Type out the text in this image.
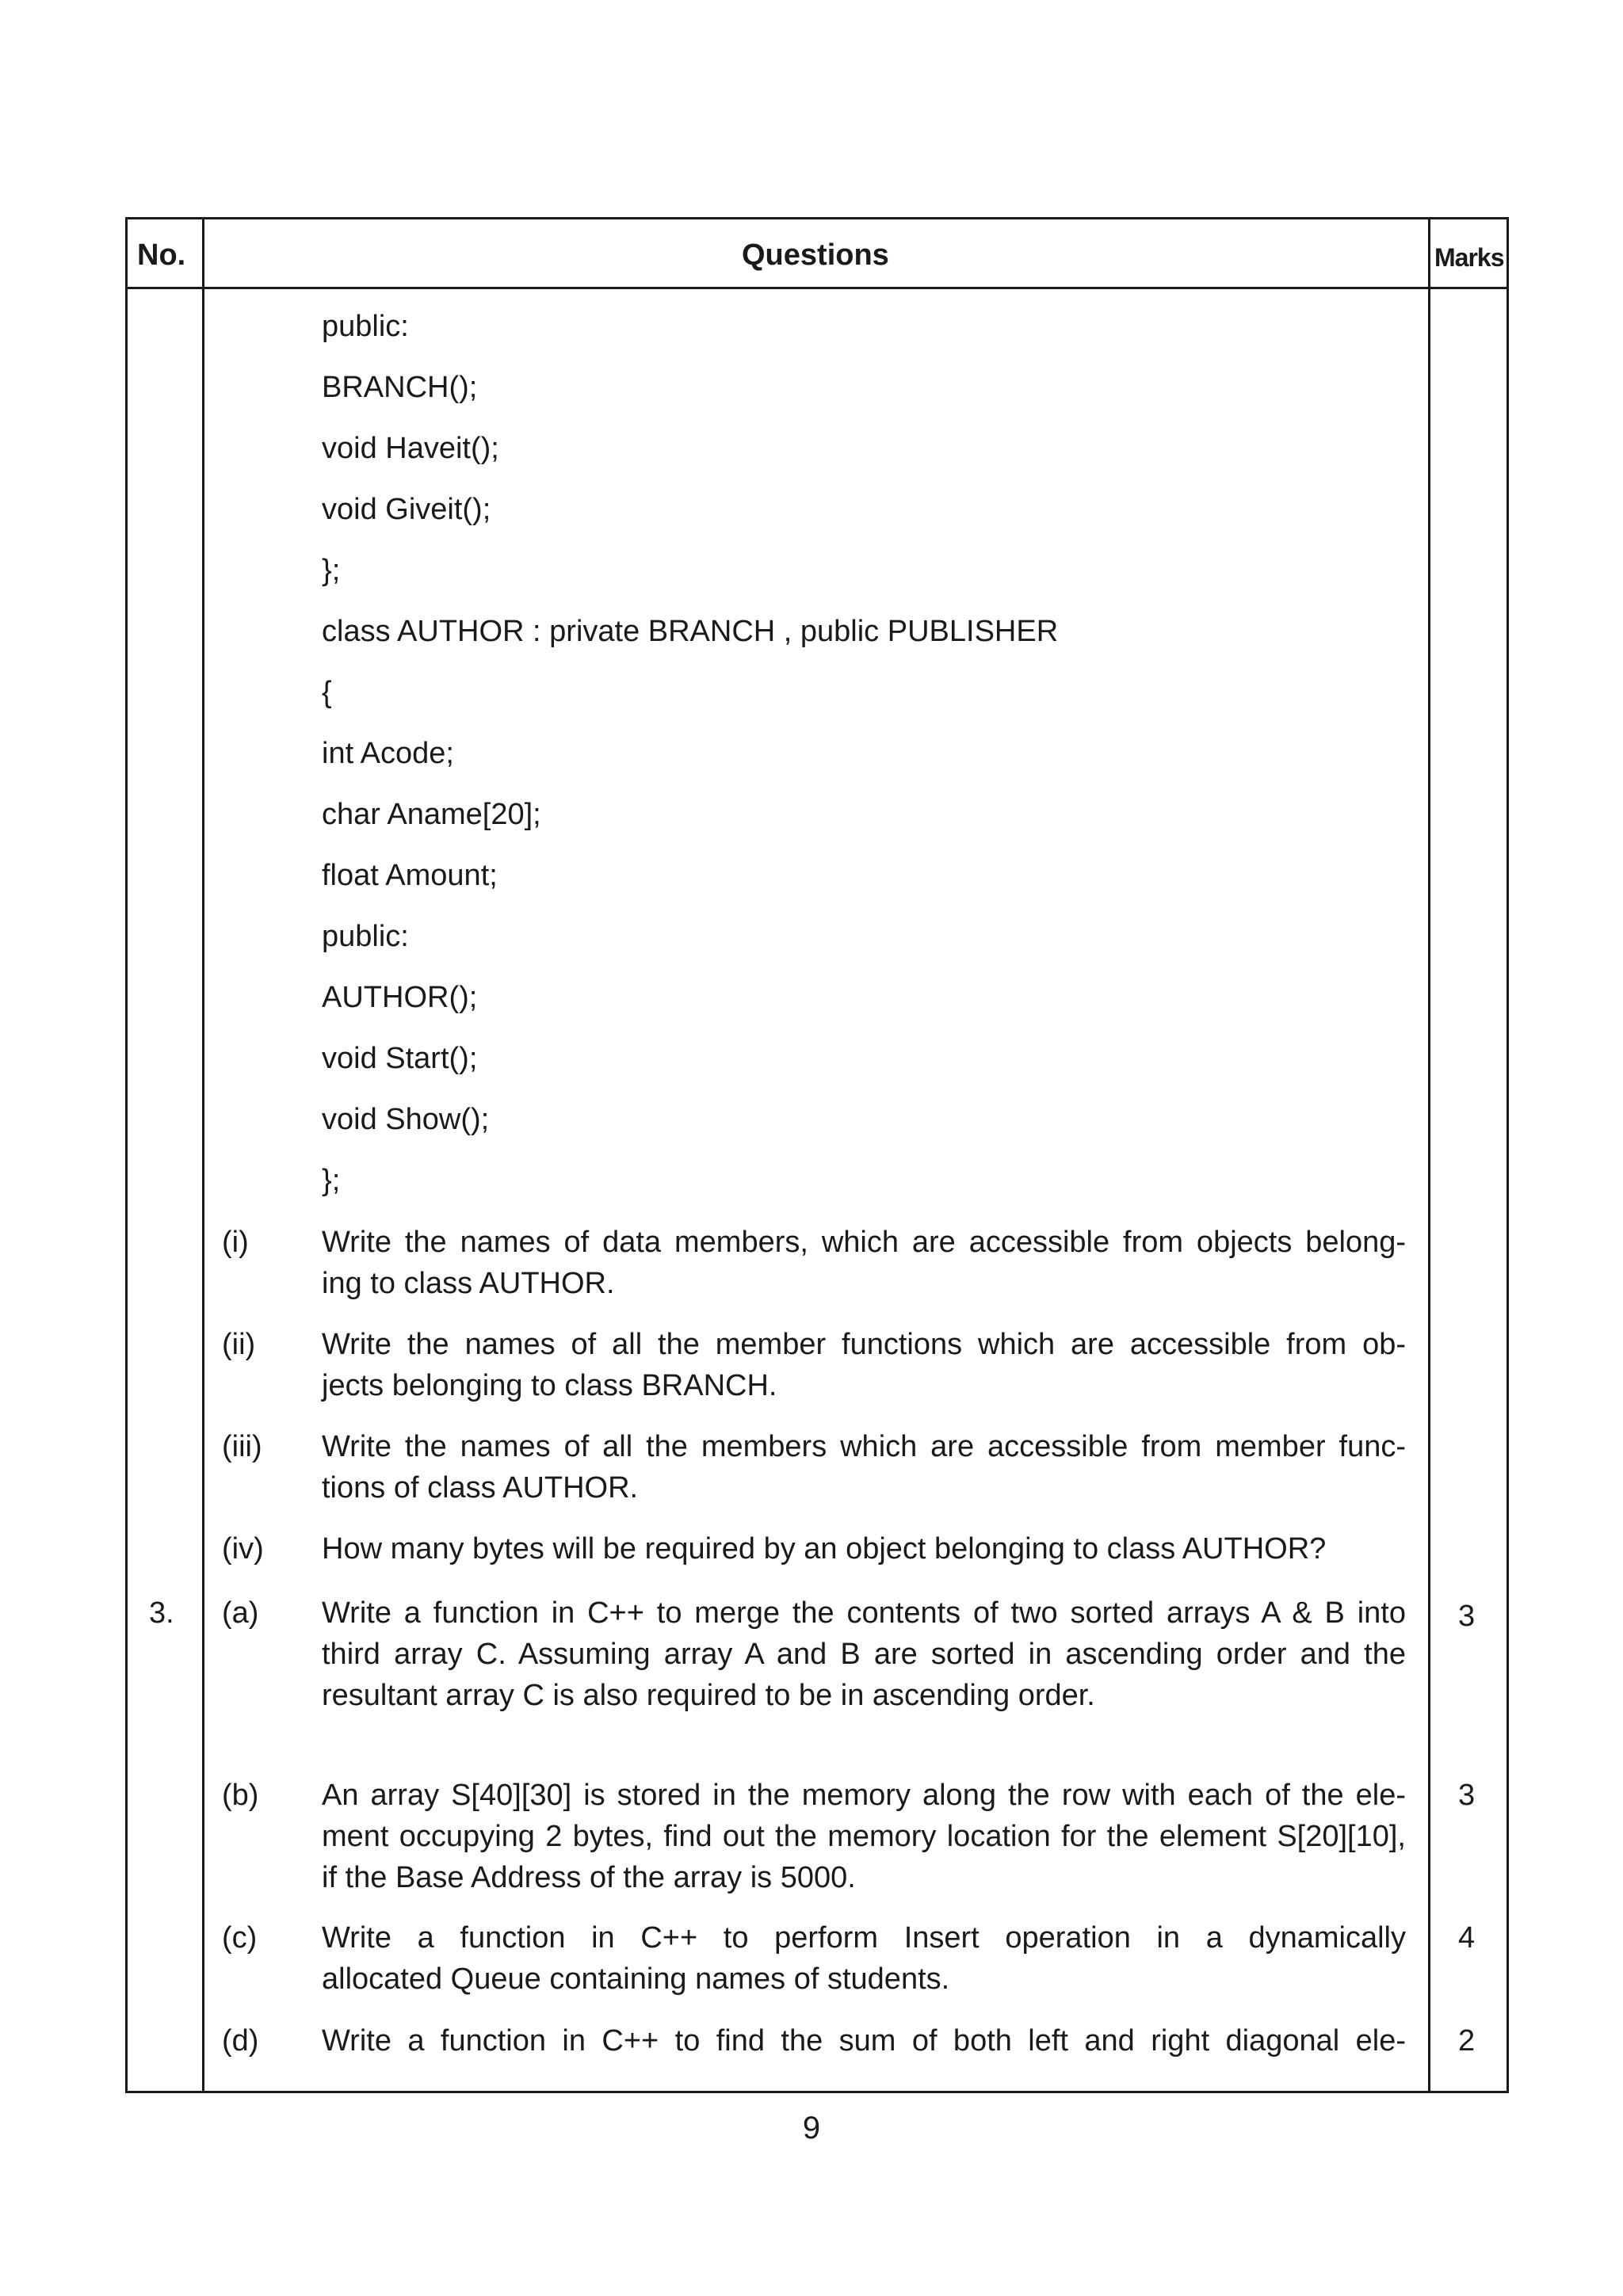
No.	Questions	Marks
public:
BRANCH();
void Haveit();
void Giveit();
};
class AUTHOR : private BRANCH , public PUBLISHER
{
int Acode;
char Aname[20];
float Amount;
public:
AUTHOR();
void Start();
void Show();
};
(i) Write the names of data members, which are accessible from objects belong-
ing to class AUTHOR.
(ii) Write the names of all the member functions which are accessible from ob-
jects belonging to class BRANCH.
(iii) Write the names of all the members which are accessible from member func-
tions of class AUTHOR.
(iv) How many bytes will be required by an object belonging to class AUTHOR?
3. (a) Write a function in C++ to merge the contents of two sorted arrays A & B into
third array C. Assuming array A and B are sorted in ascending order and the
resultant array C is also required to be in ascending order.
3
(b) An array S[40][30] is stored in the memory along the row with each of the ele-
ment occupying 2 bytes, find out the memory location for the element S[20][10],
if the Base Address of the array is 5000.
3
(c) Write a function in C++ to perform Insert operation in a dynamically
allocated Queue containing names of students.
4
(d) Write a function in C++ to find the sum of both left and right diagonal ele- 2
9
